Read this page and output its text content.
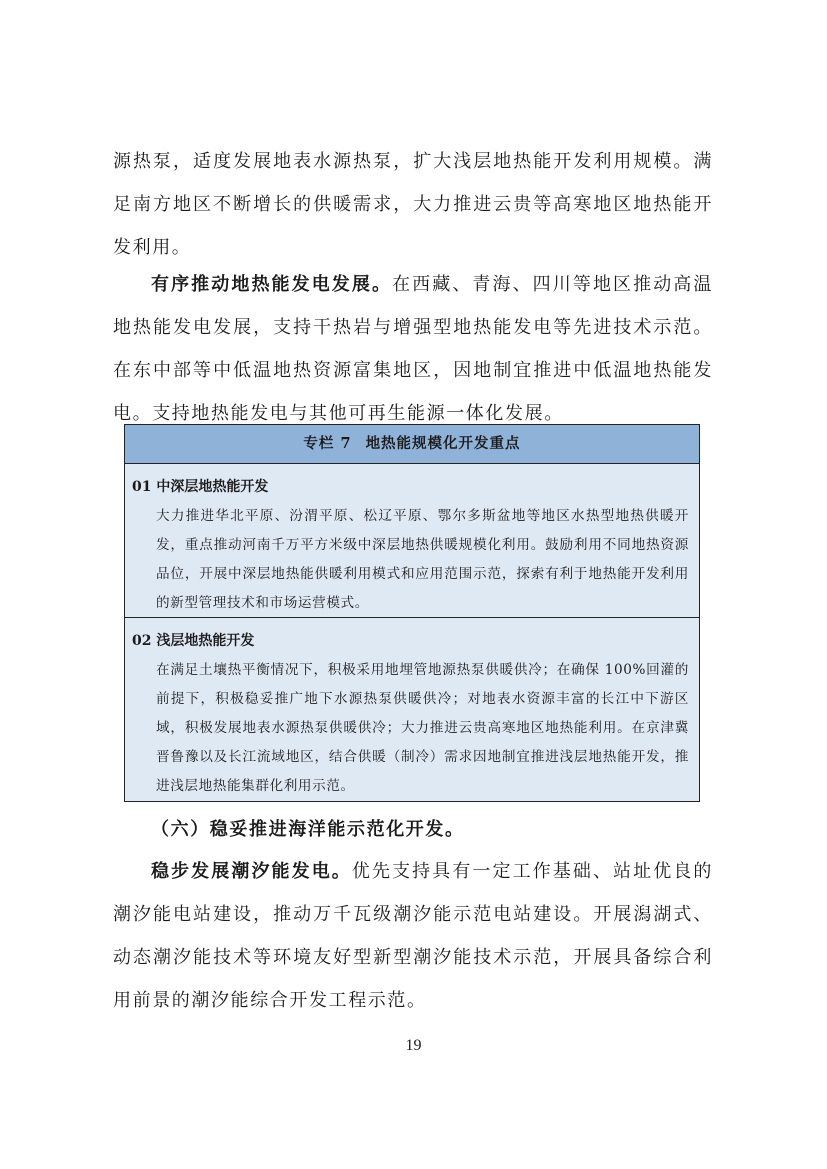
源热泵，适度发展地表水源热泵，扩大浅层地热能开发利用规模。满足南方地区不断增长的供暖需求，大力推进云贵等高寒地区地热能开发利用。

有序推动地热能发电发展。在西藏、青海、四川等地区推动高温地热能发电发展，支持干热岩与增强型地热能发电等先进技术示范。在东中部等中低温地热资源富集地区，因地制宜推进中低温地热能发电。支持地热能发电与其他可再生能源一体化发展。

专栏 7 地热能规模化开发重点

01 中深层地热能开发

大力推进华北平原、汾渭平原、松辽平原、鄂尔多斯盆地等地区水热型地热供暖开发，重点推动河南千万平方米级中深层地热供暖规模化利用。鼓励利用不同地热资源品位，开展中深层地热能供暖利用模式和应用范围示范，探索有利于地热能开发利用的新型管理技术和市场运营模式。

02 浅层地热能开发

在满足土壤热平衡情况下，积极采用地埋管地源热泵供暖供冷；在确保 100%回灌的前提下，积极稳妥推广地下水源热泵供暖供冷；对地表水资源丰富的长江中下游区域，积极发展地表水源热泵供暖供冷；大力推进云贵高寒地区地热能利用。在京津冀晋鲁豫以及长江流域地区，结合供暖（制冷）需求因地制宜推进浅层地热能开发，推进浅层地热能集群化利用示范。

（六）稳妥推进海洋能示范化开发。

稳步发展潮汐能发电。优先支持具有一定工作基础、站址优良的潮汐能电站建设，推动万千瓦级潮汐能示范电站建设。开展潟湖式、动态潮汐能技术等环境友好型新型潮汐能技术示范，开展具备综合利用前景的潮汐能综合开发工程示范。

19
